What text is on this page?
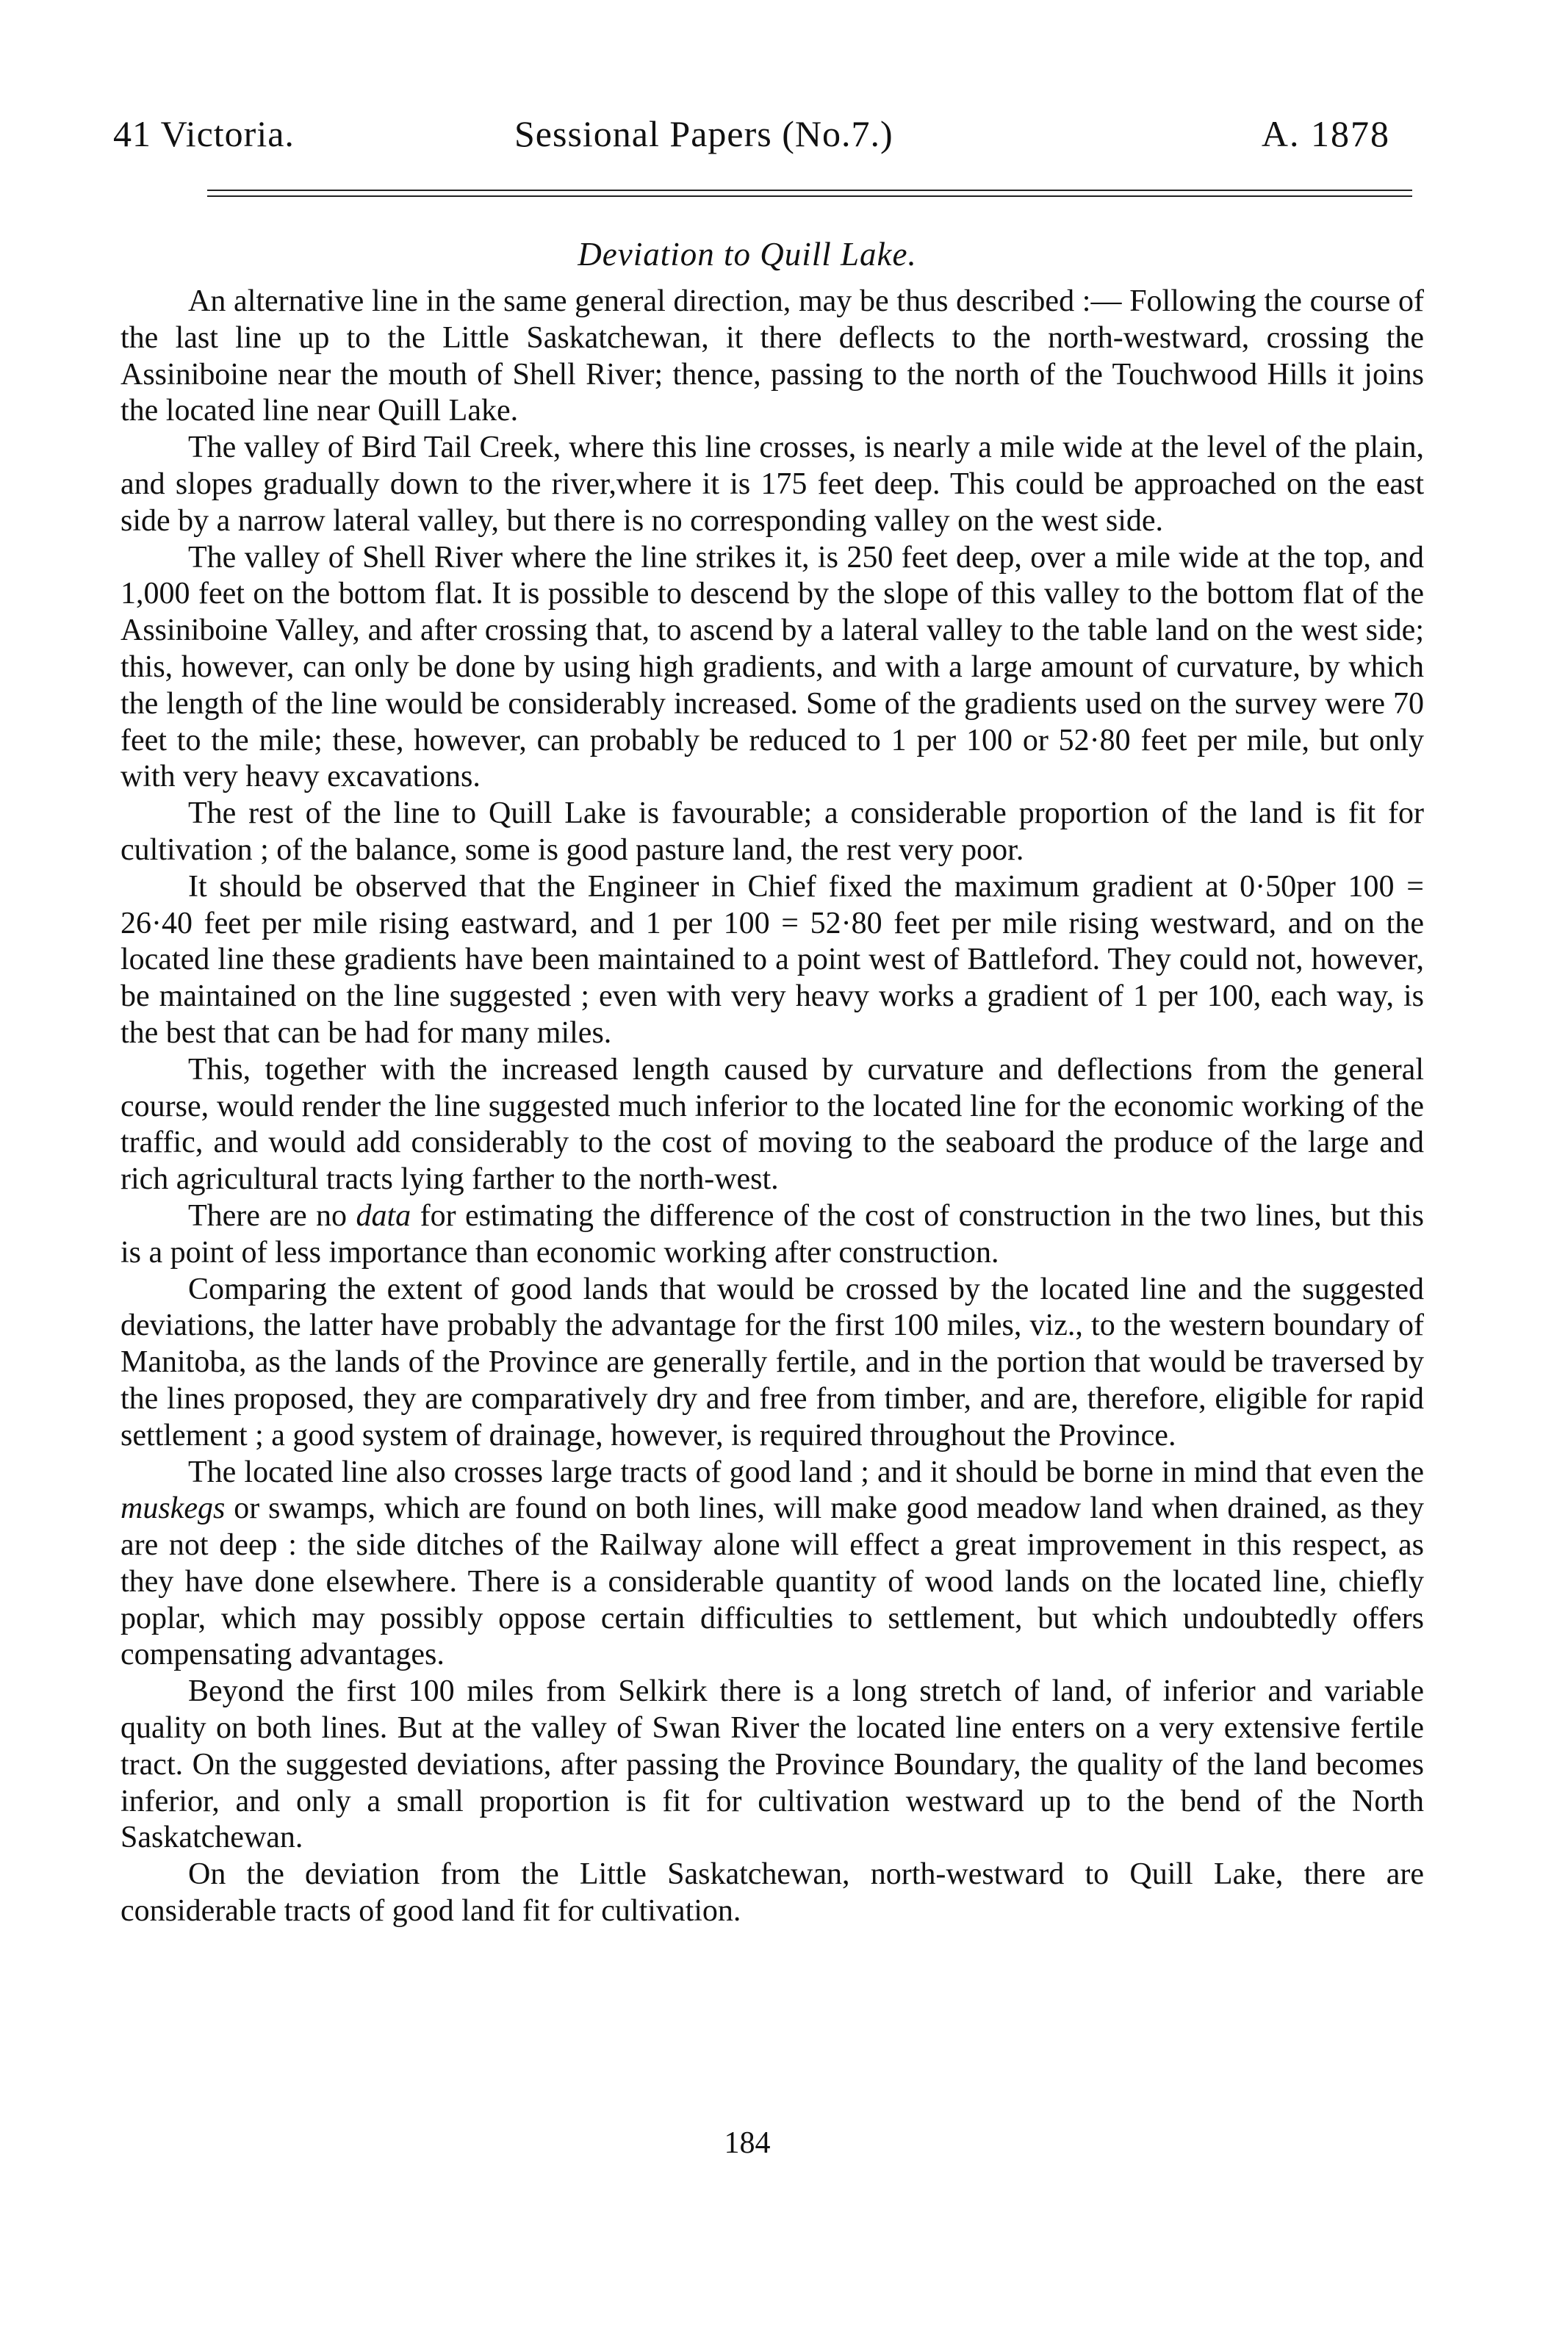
41 Victoria.	Sessional Papers (No.7.)	A. 1878
Deviation to Quill Lake.

An alternative line in the same general direction, may be thus described :— Following the course of the last line up to the Little Saskatchewan, it there deflects to the north-westward, crossing the Assiniboine near the mouth of Shell River; thence, passing to the north of the Touchwood Hills it joins the located line near Quill Lake.

The valley of Bird Tail Creek, where this line crosses, is nearly a mile wide at the level of the plain, and slopes gradually down to the river,where it is 175 feet deep. This could be approached on the east side by a narrow lateral valley, but there is no corresponding valley on the west side.

The valley of Shell River where the line strikes it, is 250 feet deep, over a mile wide at the top, and 1,000 feet on the bottom flat. It is possible to descend by the slope of this valley to the bottom flat of the Assiniboine Valley, and after crossing that, to ascend by a lateral valley to the table land on the west side; this, however, can only be done by using high gradients, and with a large amount of curvature, by which the length of the line would be considerably increased. Some of the gradients used on the survey were 70 feet to the mile; these, however, can probably be reduced to 1 per 100 or 52·80 feet per mile, but only with very heavy excavations.

The rest of the line to Quill Lake is favourable; a considerable proportion of the land is fit for cultivation ; of the balance, some is good pasture land, the rest very poor.

It should be observed that the Engineer in Chief fixed the maximum gradient at 0·50per 100 = 26·40 feet per mile rising eastward, and 1 per 100 = 52·80 feet per mile rising westward, and on the located line these gradients have been maintained to a point west of Battleford. They could not, however, be maintained on the line suggested ; even with very heavy works a gradient of 1 per 100, each way, is the best that can be had for many miles.

This, together with the increased length caused by curvature and deflections from the general course, would render the line suggested much inferior to the located line for the economic working of the traffic, and would add considerably to the cost of moving to the seaboard the produce of the large and rich agricultural tracts lying farther to the north-west.

There are no data for estimating the difference of the cost of construction in the two lines, but this is a point of less importance than economic working after construction.

Comparing the extent of good lands that would be crossed by the located line and the suggested deviations, the latter have probably the advantage for the first 100 miles, viz., to the western boundary of Manitoba, as the lands of the Province are generally fertile, and in the portion that would be traversed by the lines proposed, they are comparatively dry and free from timber, and are, therefore, eligible for rapid settlement ; a good system of drainage, however, is required throughout the Province.

The located line also crosses large tracts of good land ; and it should be borne in mind that even the muskegs or swamps, which are found on both lines, will make good meadow land when drained, as they are not deep : the side ditches of the Railway alone will effect a great improvement in this respect, as they have done elsewhere. There is a considerable quantity of wood lands on the located line, chiefly poplar, which may possibly oppose certain difficulties to settlement, but which undoubtedly offers compensating advantages.

Beyond the first 100 miles from Selkirk there is a long stretch of land, of inferior and variable quality on both lines. But at the valley of Swan River the located line enters on a very extensive fertile tract. On the suggested deviations, after passing the Province Boundary, the quality of the land becomes inferior, and only a small proportion is fit for cultivation westward up to the bend of the North Saskatchewan.

On the deviation from the Little Saskatchewan, north-westward to Quill Lake, there are considerable tracts of good land fit for cultivation.

184
